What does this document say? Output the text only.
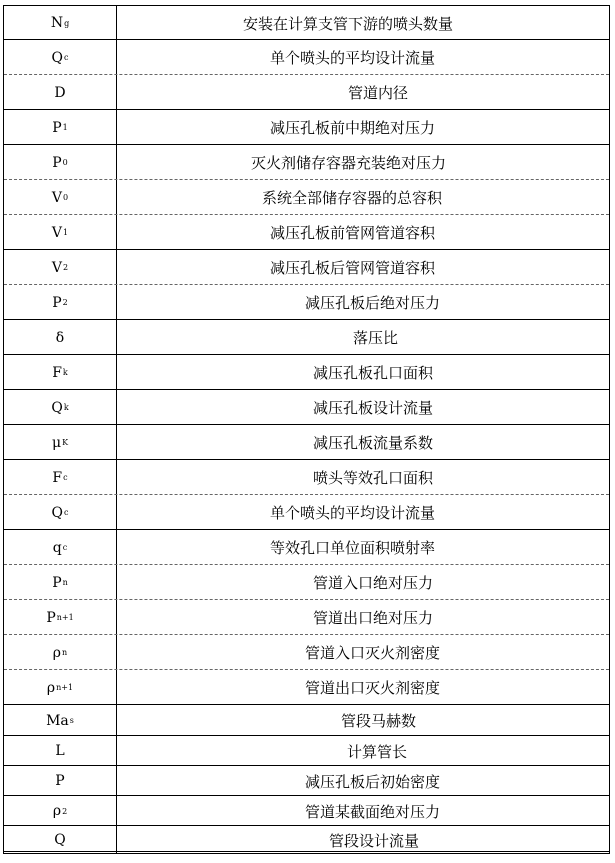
N g	安装在计算支管下游的喷头数量
Q c	单个喷头的平均设计流量
D	管道内径
P 1	减压孔板前中期绝对压力
P 0	灭火剂储存容器充装绝对压力
V 0	系统全部储存容器的总容积
V 1	减压孔板前管网管道容积
V 2	减压孔板后管网管道容积
P 2	减压孔板后绝对压力
δ	落压比
F k	减压孔板孔口面积
Q k	减压孔板设计流量
μ K	减压孔板流量系数
F c	喷头等效孔口面积
Q c	单个喷头的平均设计流量
q c	等效孔口单位面积喷射率
P n	管道入口绝对压力
P n+1	管道出口绝对压力
ρ n	管道入口灭火剂密度
ρ n+1	管道出口灭火剂密度
Ma s	管段马赫数
L	计算管长
P	减压孔板后初始密度
ρ 2	管道某截面绝对压力
Q	管段设计流量
